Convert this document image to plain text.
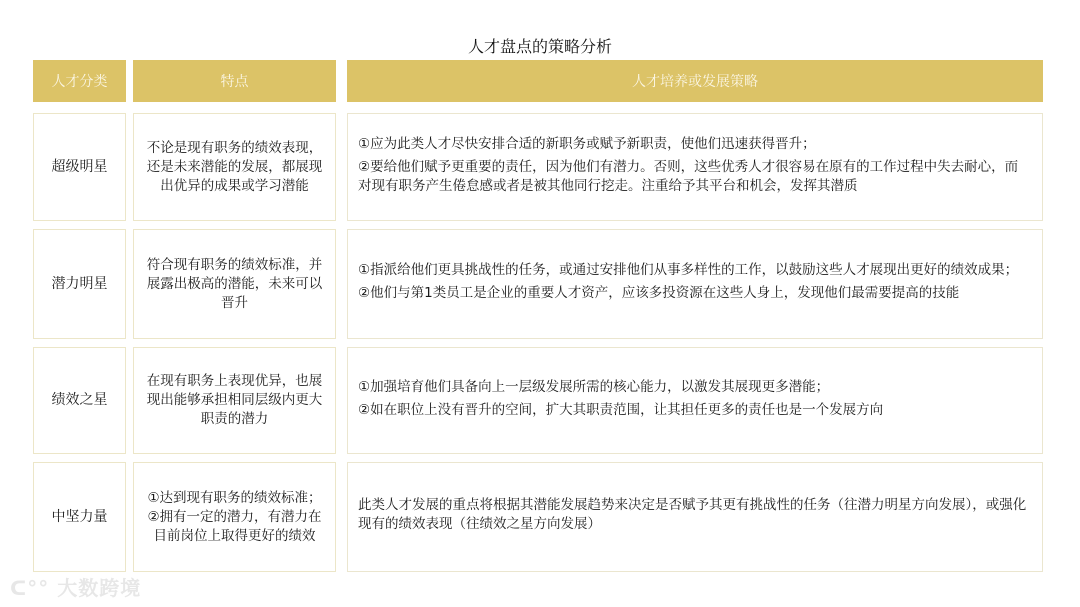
人才盘点的策略分析
人才分类	特点	人才培养或发展策略
超级明星
不论是现有职务的绩效表现，还是未来潜能的发展，都展现出优异的成果或学习潜能

①应为此类人才尽快安排合适的新职务或赋予新职责，使他们迅速获得晋升；

②要给他们赋予更重要的责任，因为他们有潜力。否则，这些优秀人才很容易在原有的工作过程中失去耐心，而对现有职务产生倦怠感或者是被其他同行挖走。注重给予其平台和机会，发挥其潜质

潜力明星
符合现有职务的绩效标准，并展露出极高的潜能，未来可以晋升

①指派给他们更具挑战性的任务，或通过安排他们从事多样性的工作，以鼓励这些人才展现出更好的绩效成果；

②他们与第1类员工是企业的重要人才资产，应该多投资源在这些人身上，发现他们最需要提高的技能

绩效之星
在现有职务上表现优异，也展现出能够承担相同层级内更大职责的潜力

①加强培育他们具备向上一层级发展所需的核心能力，以激发其展现更多潜能；

②如在职位上没有晋升的空间，扩大其职责范围，让其担任更多的责任也是一个发展方向

中坚力量
①达到现有职务的绩效标准；②拥有一定的潜力，有潜力在目前岗位上取得更好的绩效

此类人才发展的重点将根据其潜能发展趋势来决定是否赋予其更有挑战性的任务（往潜力明星方向发展），或强化现有的绩效表现（往绩效之星方向发展）

ᑕ°° 大数跨境
